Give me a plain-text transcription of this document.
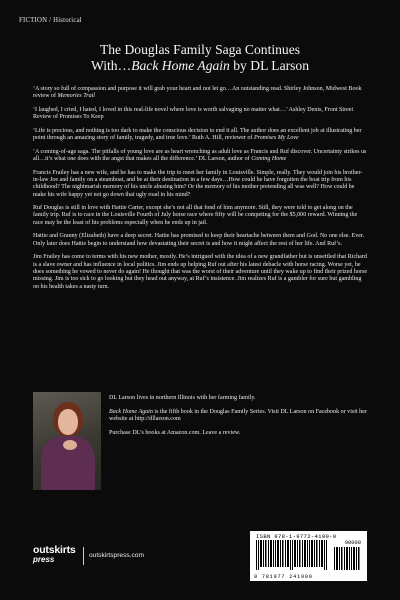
FICTION / Historical
The Douglas Family Saga Continues
With…Back Home Again by DL Larson

‘A story so full of compassion and purpose it will grab your heart and not let go…An outstanding read. Shirley Johnson, Midwest Book review of Memories Trail

‘I laughed, I cried, I hated, I loved in this real-life novel where love is worth salvaging no matter what…’ Ashley Denis, Front Street Review of Promises To Keep

‘Life is precious, and nothing is too dark to make the conscious decision to end it all. The author does an excellent job at illustrating her point through an amazing story of family, tragedy, and true love.’ Ruth A. Hill, reviewer of Promises My Love

‘A coming-of-age saga. The pitfalls of young love are as heart wrenching as adult love as Francis and Ruf discover. Uncertainty strikes us all…it’s what one does with the angst that makes all the difference.’ DL Larson, author of Coming Home

Francis Frailey has a new wife, and he has to make the trip to meet her family in Louisville. Simple, really. They would join his brother-in-law Joe and family on a steamboat, and be at their destination in a few days…How could he have forgotten the boat trip from his childhood? The nightmarish memory of his uncle abusing him? Or the memory of his mother pretending all was well? How could he make his wife happy yet not go down that ugly road in his mind?

Ruf Douglas is still in love with Hattie Carter, except she’s not all that fond of him anymore. Still, they were told to get along on the family trip. Ruf is to race in the Louisville Fourth of July horse race where fifty will be competing for the $5,000 reward. Winning the race may be the least of his problems especially when he ends up in jail.

Hattie and Granny (Elizabeth) have a deep secret. Hattie has promised to keep their heartache between them and God. No one else. Ever. Only later does Hattie begin to understand how devastating their secret is and how it might affect the rest of her life. And Ruf’s.

Jim Frailey has come to terms with his new mother, mostly. He’s intrigued with the idea of a new grandfather but is unsettled that Richard is a slave owner and has influence in local politics. Jim ends up helping Ruf out after his latest debacle with horse racing. Worse yet, he does something he vowed to never do again! He thought that was the worst of their adventure until they wake up to find their prized horse missing. Jim is too sick to go looking but they head out anyway, at Ruf’s insistence. Jim realizes Ruf is a gambler for sure but gambling on his health takes a nasty turn.

DL Larson lives in northern Illinois with her farming family.

Back Home Again is the fifth book in the Douglas Family Series. Visit DL Larson on Facebook or visit her website at http://dllarson.com

Purchase DL’s books at Amazon.com. Leave a review.

ISBN 978-1-9772-4190-0
90000
9 781977 241900
outskirts
press	outskirtspress.com
